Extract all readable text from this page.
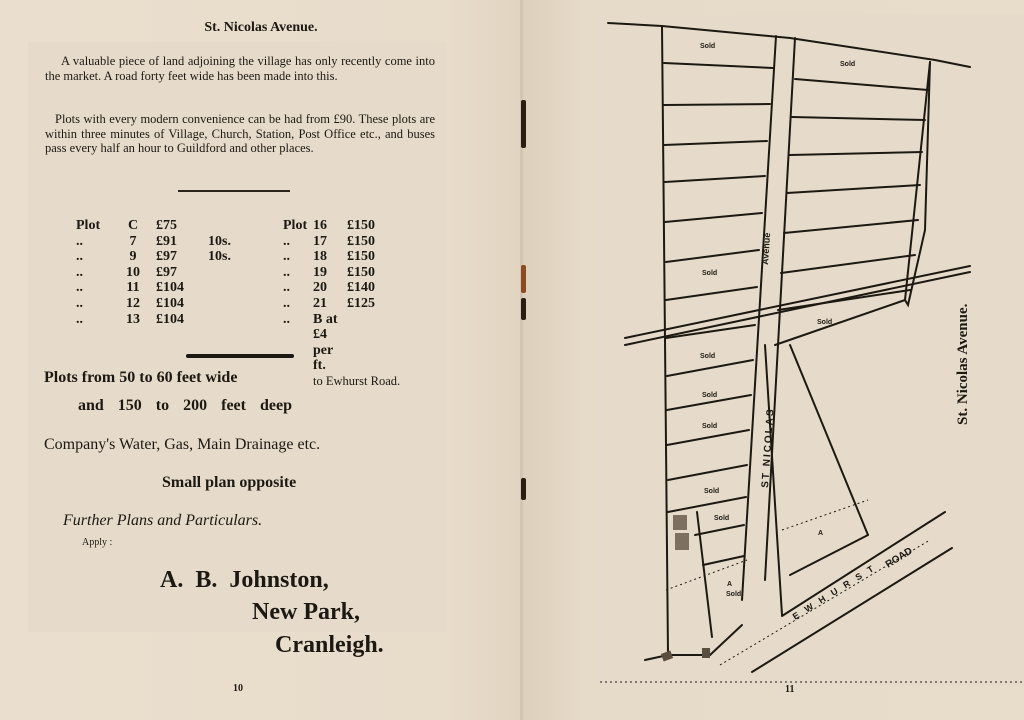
St. Nicolas Avenue.
A valuable piece of land adjoining the village has only recently come into the market. A road forty feet wide has been made into this.
Plots with every modern convenience can be had from £90. These plots are within three minutes of Village, Church, Station, Post Office etc., and buses pass every half an hour to Guildford and other places.
Plot	C	£75
..	7	£91	10s.
..	9	£97	10s.
..	10	£97
..	11	£104
..	12	£104
..	13	£104
Plot 16	£150
..	17	£150
..	18	£150
..	19	£150
..	20	£140
..	21	£125
..	B at £4 per ft.
to Ewhurst Road.
Plots from 50 to 60 feet wide
and 150 to 200 feet deep
Company's Water, Gas, Main Drainage etc.
Small plan opposite
Further Plans and Particulars.
Apply :
A. B. Johnston,
New Park,
Cranleigh.
10
Sold
Sold
Sold
Sold
Sold
Sold
Sold
Sold
Sold
Sold
A
A
Avenue
ST NICOLAS
EWHURST
ROAD
St. Nicolas Avenue.
11
